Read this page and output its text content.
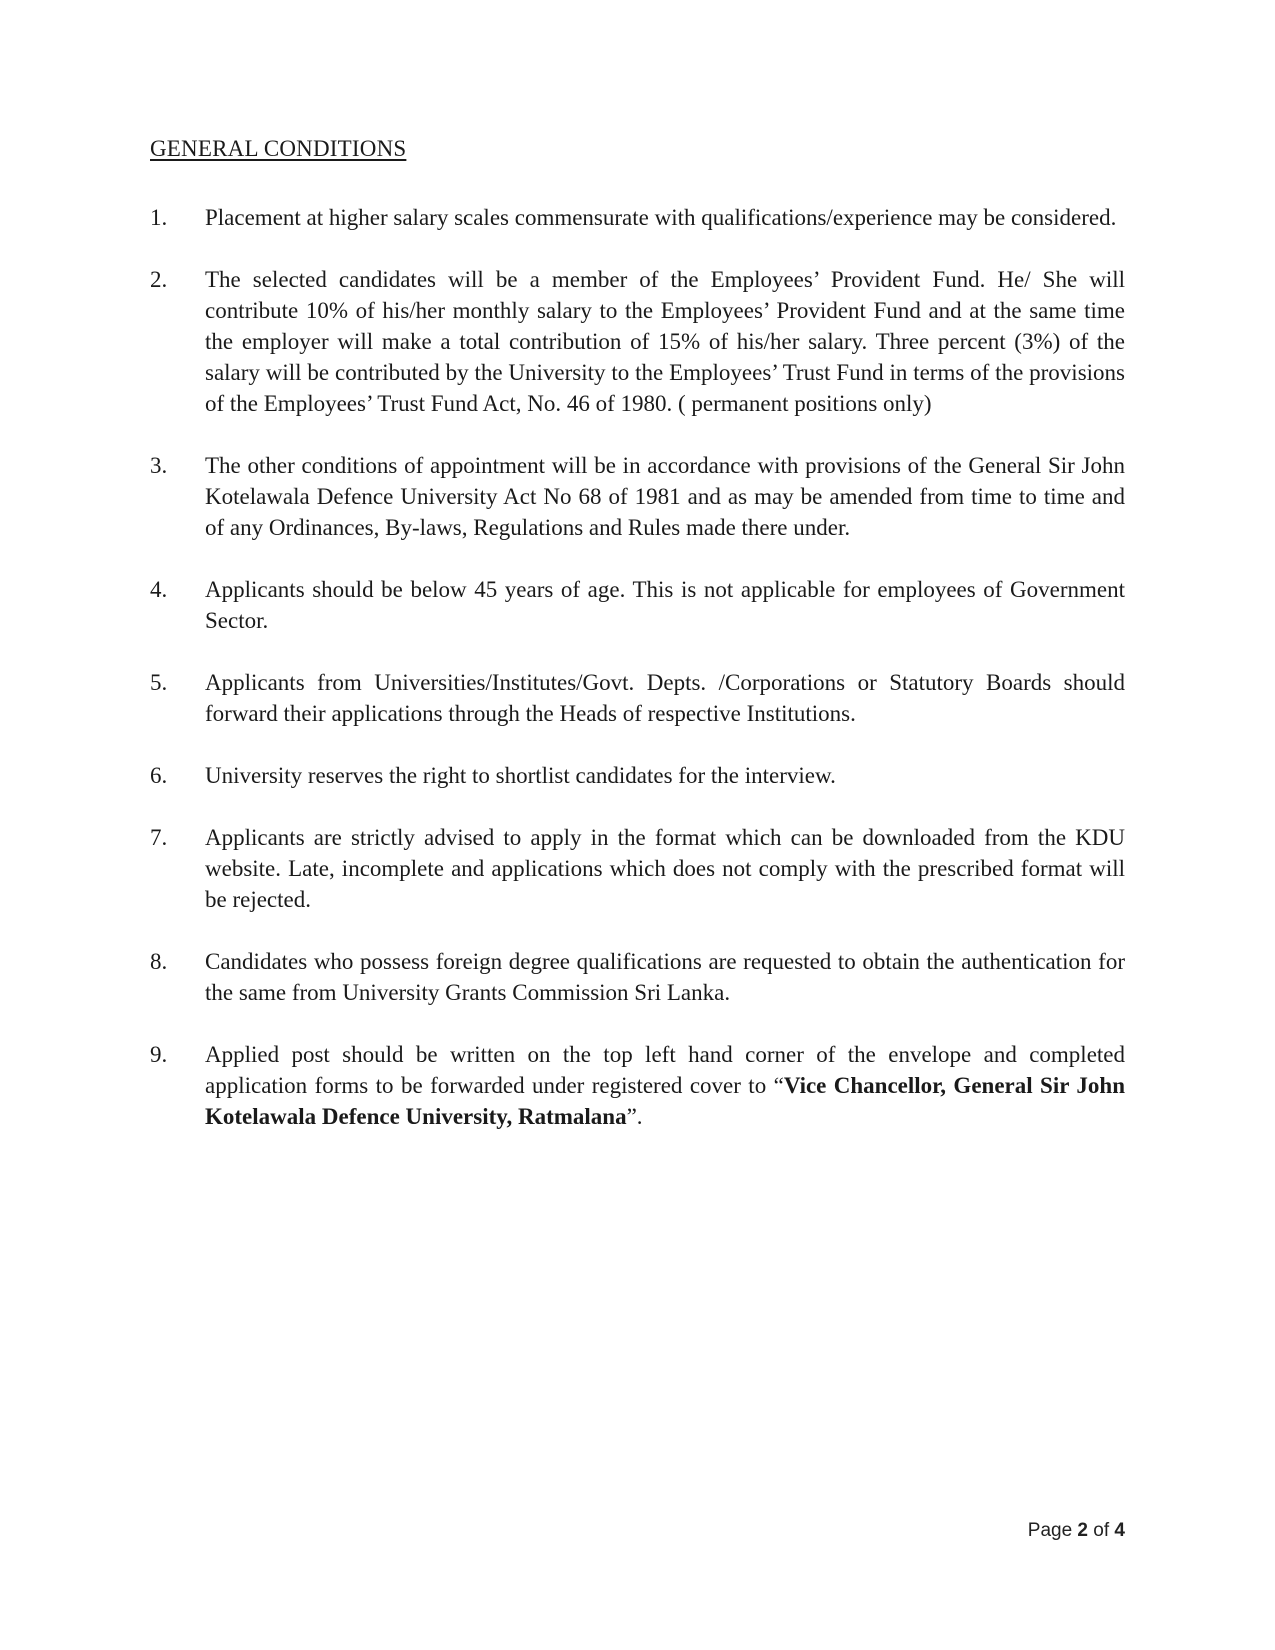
GENERAL CONDITIONS
1. Placement at higher salary scales commensurate with qualifications/experience may be considered.
2. The selected candidates will be a member of the Employees’ Provident Fund. He/ She will contribute 10% of his/her monthly salary to the Employees’ Provident Fund and at the same time the employer will make a total contribution of 15% of his/her salary. Three percent (3%) of the salary will be contributed by the University to the Employees’ Trust Fund in terms of the provisions of the Employees’ Trust Fund Act, No. 46 of 1980. ( permanent positions only)
3. The other conditions of appointment will be in accordance with provisions of the General Sir John Kotelawala Defence University Act No 68 of 1981 and as may be amended from time to time and of any Ordinances, By-laws, Regulations and Rules made there under.
4. Applicants should be below 45 years of age. This is not applicable for employees of Government Sector.
5. Applicants from Universities/Institutes/Govt. Depts. /Corporations or Statutory Boards should forward their applications through the Heads of respective Institutions.
6. University reserves the right to shortlist candidates for the interview.
7. Applicants are strictly advised to apply in the format which can be downloaded from the KDU website. Late, incomplete and applications which does not comply with the prescribed format will be rejected.
8. Candidates who possess foreign degree qualifications are requested to obtain the authentication for the same from University Grants Commission Sri Lanka.
9. Applied post should be written on the top left hand corner of the envelope and completed application forms to be forwarded under registered cover to “Vice Chancellor, General Sir John Kotelawala Defence University, Ratmalana”.
Page 2 of 4
